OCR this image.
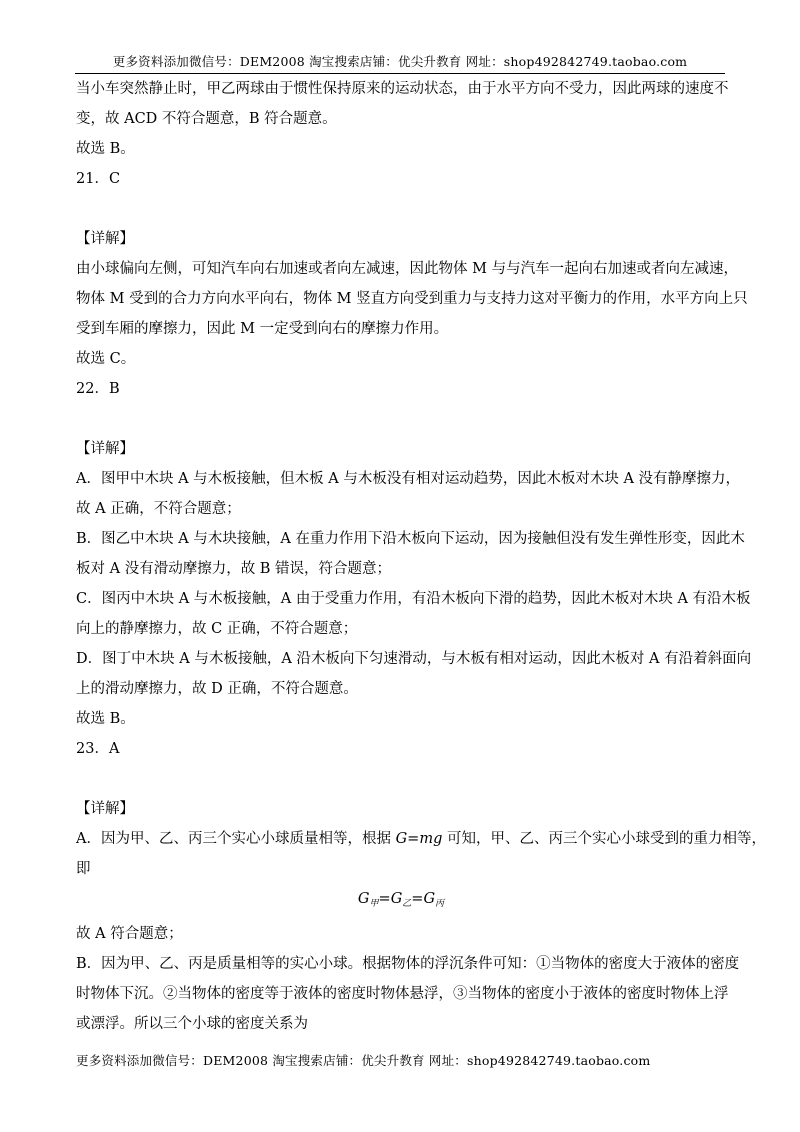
更多资料添加微信号：DEM2008 淘宝搜索店铺：优尖升教育 网址：shop492842749.taobao.com

当小车突然静止时，甲乙两球由于惯性保持原来的运动状态，由于水平方向不受力，因此两球的速度不

变，故 ACD 不符合题意，B 符合题意。

故选 B。

21．C

【详解】

由小球偏向左侧，可知汽车向右加速或者向左减速，因此物体 M 与与汽车一起向右加速或者向左减速，

物体 M 受到的合力方向水平向右，物体 M 竖直方向受到重力与支持力这对平衡力的作用，水平方向上只

受到车厢的摩擦力，因此 M 一定受到向右的摩擦力作用。

故选 C。

22．B

【详解】

A．图甲中木块 A 与木板接触，但木板 A 与木板没有相对运动趋势，因此木板对木块 A 没有静摩擦力，

故 A 正确，不符合题意；

B．图乙中木块 A 与木块接触，A 在重力作用下沿木板向下运动，因为接触但没有发生弹性形变，因此木

板对 A 没有滑动摩擦力，故 B 错误，符合题意；

C．图丙中木块 A 与木板接触，A 由于受重力作用，有沿木板向下滑的趋势，因此木板对木块 A 有沿木板

向上的静摩擦力，故 C 正确，不符合题意；

D．图丁中木块 A 与木板接触，A 沿木板向下匀速滑动，与木板有相对运动，因此木板对 A 有沿着斜面向

上的滑动摩擦力，故 D 正确，不符合题意。

故选 B。

23．A

【详解】

A．因为甲、乙、丙三个实心小球质量相等，根据 G=mg 可知，甲、乙、丙三个实心小球受到的重力相等，

即

$G_甲=G_乙=G_丙$

故 A 符合题意；

B．因为甲、乙、丙是质量相等的实心小球。根据物体的浮沉条件可知：①当物体的密度大于液体的密度

时物体下沉。②当物体的密度等于液体的密度时物体悬浮，③当物体的密度小于液体的密度时物体上浮

或漂浮。所以三个小球的密度关系为

更多资料添加微信号：DEM2008 淘宝搜索店铺：优尖升教育 网址：shop492842749.taobao.com
